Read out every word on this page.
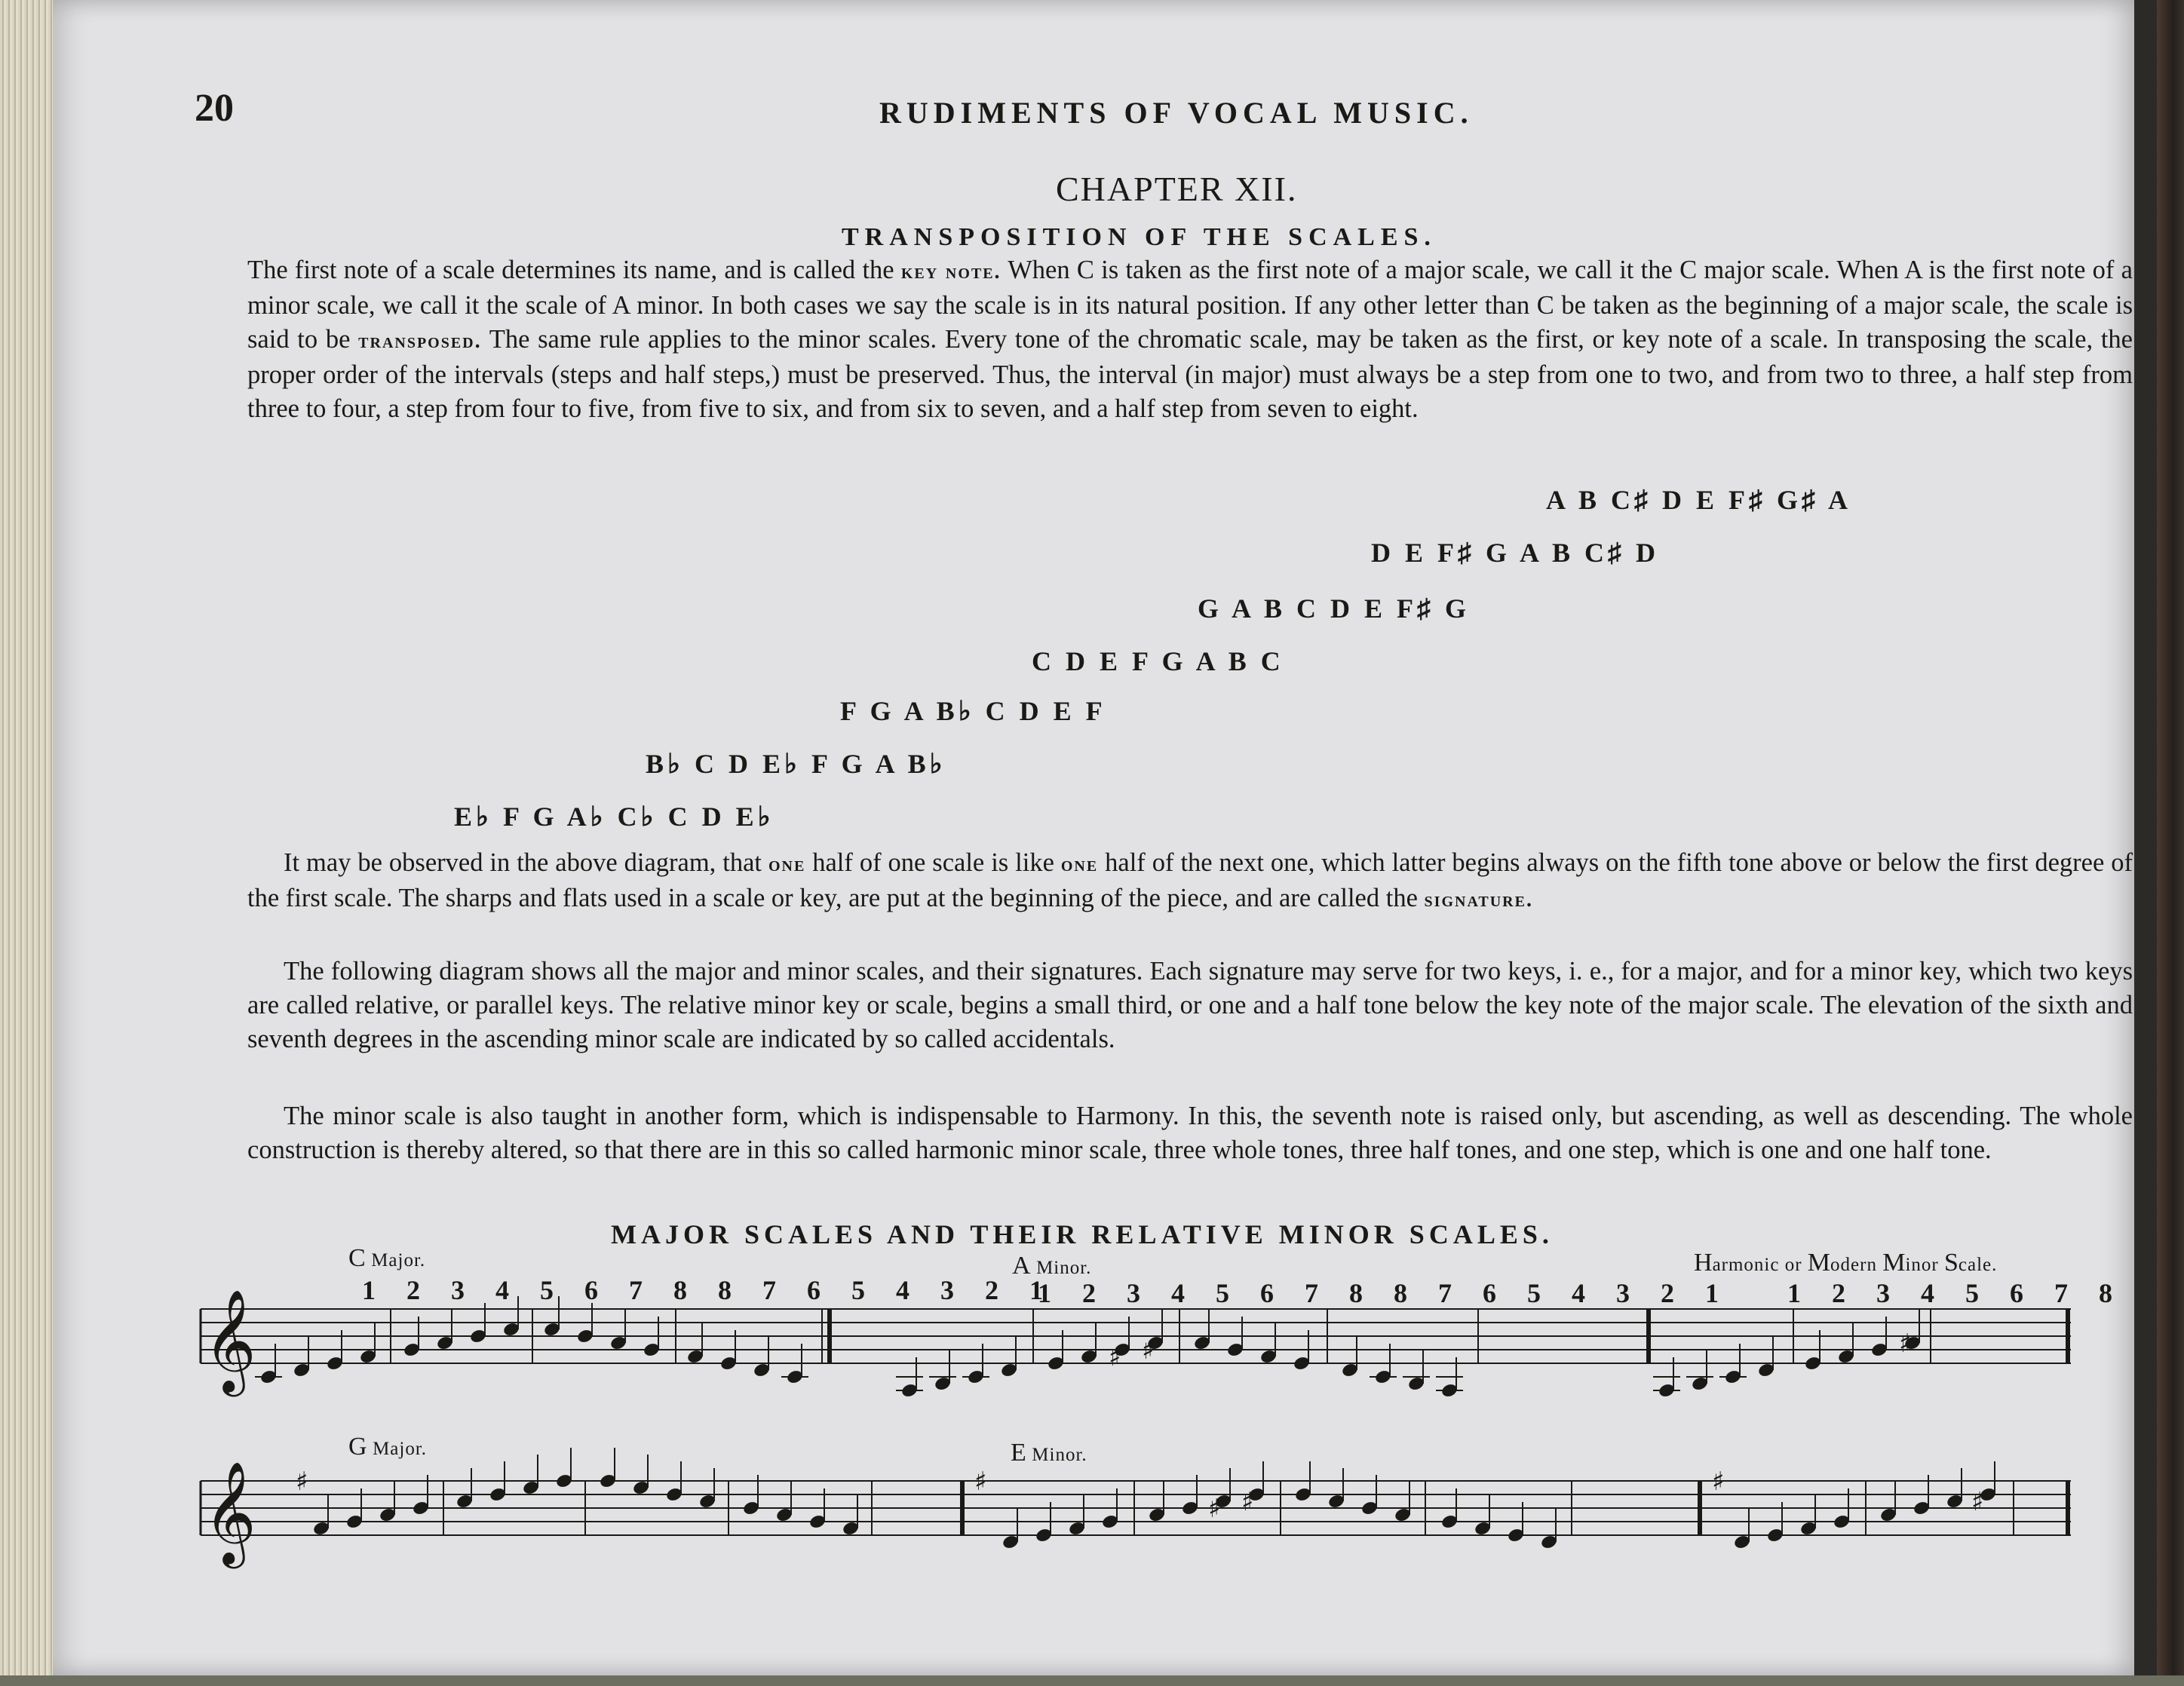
20	RUDIMENTS OF VOCAL MUSIC.
CHAPTER XII.
TRANSPOSITION OF THE SCALES.
The first note of a scale determines its name, and is called the key note. When C is taken as the first note of a major scale, we call it the C major scale. When A is the first note of a minor scale, we call it the scale of A minor. In both cases we say the scale is in its natural position. If any other letter than C be taken as the beginning of a major scale, the scale is said to be transposed. The same rule applies to the minor scales. Every tone of the chromatic scale, may be taken as the first, or key note of a scale. In transposing the scale, the proper order of the intervals (steps and half steps,) must be preserved. Thus, the interval (in major) must always be a step from one to two, and from two to three, a half step from three to four, a step from four to five, from five to six, and from six to seven, and a half step from seven to eight.
A B C♯ D E F♯ G♯ A
D E F♯ G A B C♯ D
G A B C D E F♯ G
C D E F G A B C
F G A B♭ C D E F
B♭ C D E♭ F G A B♭
E♭ F G A♭ C♭ C D E♭
It may be observed in the above diagram, that one half of one scale is like one half of the next one, which latter begins always on the fifth tone above or below the first degree of the first scale. The sharps and flats used in a scale or key, are put at the beginning of the piece, and are called the signature.
The following diagram shows all the major and minor scales, and their signatures. Each signature may serve for two keys, i. e., for a major, and for a minor key, which two keys are called relative, or parallel keys. The relative minor key or scale, begins a small third, or one and a half tone below the key note of the major scale. The elevation of the sixth and seventh degrees in the ascending minor scale are indicated by so called accidentals.
The minor scale is also taught in another form, which is indispensable to Harmony. In this, the seventh note is raised only, but ascending, as well as descending. The whole construction is thereby altered, so that there are in this so called harmonic minor scale, three whole tones, three half tones, and one step, which is one and one half tone.
MAJOR SCALES AND THEIR RELATIVE MINOR SCALES.
C Major.	A Minor.	Harmonic or Modern Minor Scale.
G Major.	E Minor.
1 2 3 4 5 6 7 8 8 7 6 5 4 3 2 1
1 2 3 4 5 6 7 8 8 7 6 5 4 3 2 1 1 2 3 4 5 6 7 8
𝄞	♯ ♯	♯
𝄞 ♯	♯	♯
♯ ♯	♯
